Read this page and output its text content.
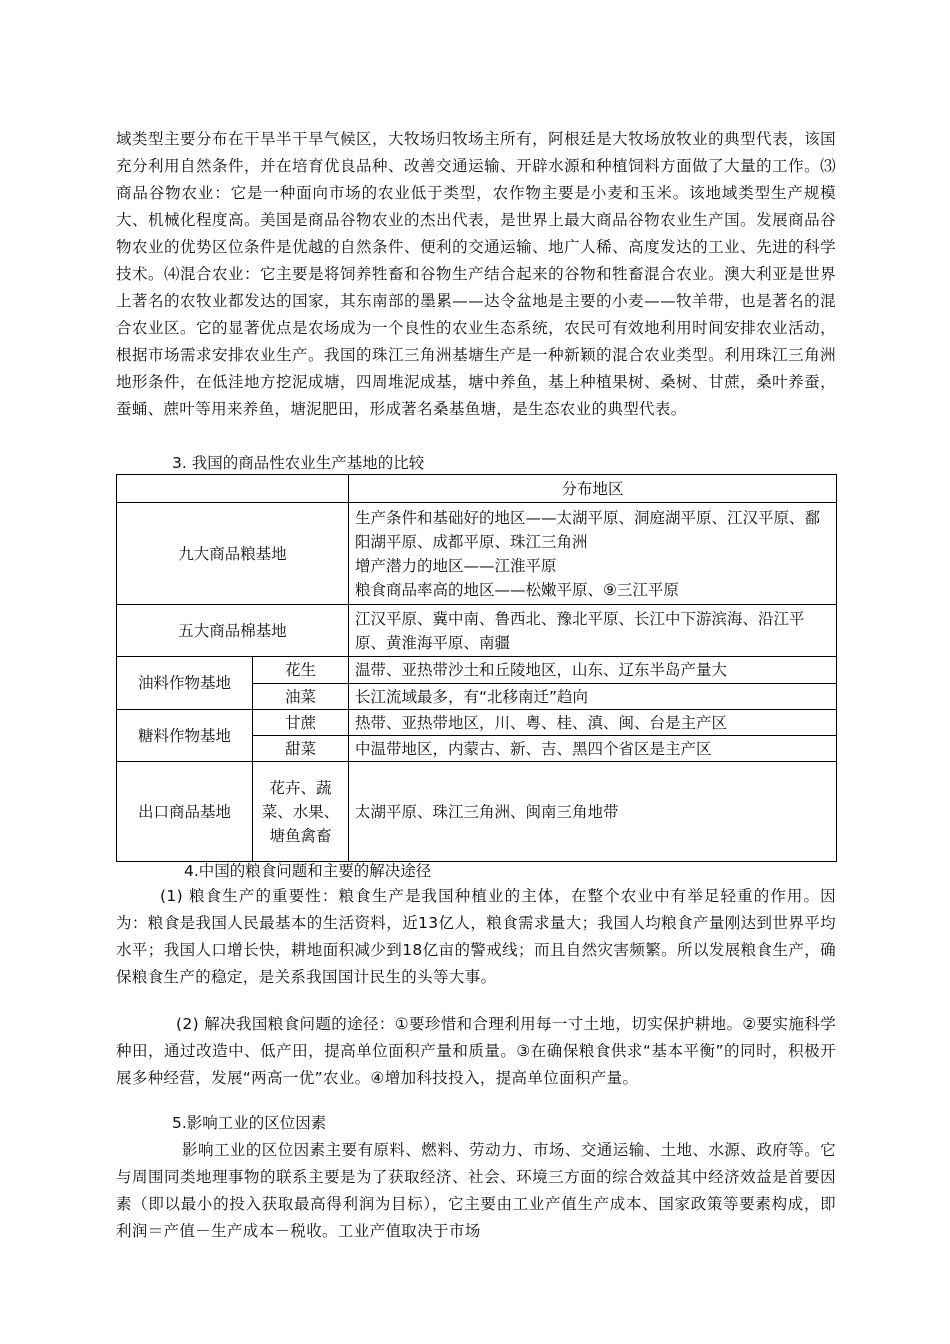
域类型主要分布在干旱半干旱气候区，大牧场归牧场主所有，阿根廷是大牧场放牧业的典型代表，该国充分利用自然条件，并在培育优良品种、改善交通运输、开辟水源和种植饲料方面做了大量的工作。⑶商品谷物农业：它是一种面向市场的农业低于类型，农作物主要是小麦和玉米。该地域类型生产规模大、机械化程度高。美国是商品谷物农业的杰出代表，是世界上最大商品谷物农业生产国。发展商品谷物农业的优势区位条件是优越的自然条件、便利的交通运输、地广人稀、高度发达的工业、先进的科学技术。⑷混合农业：它主要是将饲养牲畜和谷物生产结合起来的谷物和牲畜混合农业。澳大利亚是世界上著名的农牧业都发达的国家，其东南部的墨累——达令盆地是主要的小麦——牧羊带，也是著名的混合农业区。它的显著优点是农场成为一个良性的农业生态系统，农民可有效地利用时间安排农业活动，根据市场需求安排农业生产。我国的珠江三角洲基塘生产是一种新颖的混合农业类型。利用珠江三角洲地形条件，在低洼地方挖泥成塘，四周堆泥成基，塘中养鱼，基上种植果树、桑树、甘蔗，桑叶养蚕，蚕蛹、蔗叶等用来养鱼，塘泥肥田，形成著名桑基鱼塘，是生态农业的典型代表。

3. 我国的商品性农业生产基地的比较

		分布地区
九大商品粮基地		生产条件和基础好的地区——太湖平原、洞庭湖平原、江汉平原、鄱阳湖平原、成都平原、珠江三角洲
增产潜力的地区——江淮平原
粮食商品率高的地区——松嫩平原、⑨三江平原

五大商品棉基地		江汉平原、冀中南、鲁西北、豫北平原、长江中下游滨海、沿江平原、黄淮海平原、南疆
油料作物基地	花生	温带、亚热带沙土和丘陵地区，山东、辽东半岛产量大
	油菜	长江流域最多，有“北移南迁”趋向
糖料作物基地	甘蔗	热带、亚热带地区，川、粤、桂、滇、闽、台是主产区
	甜菜	中温带地区，内蒙古、新、吉、黑四个省区是主产区
出口商品基地	花卉、蔬菜、水果、塘鱼禽畜	太湖平原、珠江三角洲、闽南三角地带

4.中国的粮食问题和主要的解决途径

(1) 粮食生产的重要性：粮食生产是我国种植业的主体，在整个农业中有举足轻重的作用。因为：粮食是我国人民最基本的生活资料，近13亿人，粮食需求量大；我国人均粮食产量刚达到世界平均水平；我国人口增长快，耕地面积减少到18亿亩的警戒线；而且自然灾害频繁。所以发展粮食生产，确保粮食生产的稳定，是关系我国国计民生的头等大事。

(2) 解决我国粮食问题的途径：①要珍惜和合理利用每一寸土地，切实保护耕地。②要实施科学种田，通过改造中、低产田，提高单位面积产量和质量。③在确保粮食供求“基本平衡”的同时，积极开展多种经营，发展“两高一优”农业。④增加科技投入，提高单位面积产量。

5.影响工业的区位因素

影响工业的区位因素主要有原料、燃料、劳动力、市场、交通运输、土地、水源、政府等。它与周围同类地理事物的联系主要是为了获取经济、社会、环境三方面的综合效益其中经济效益是首要因素（即以最小的投入获取最高得利润为目标），它主要由工业产值生产成本、国家政策等要素构成，即利润＝产值－生产成本－税收。工业产值取决于市场
